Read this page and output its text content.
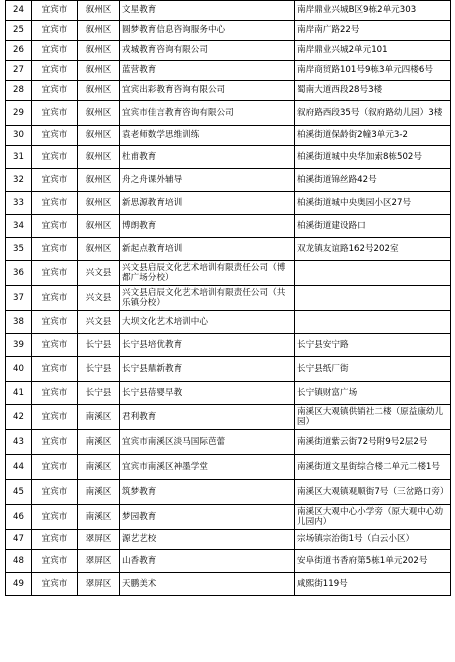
24	宜宾市	叙州区	文星教育	南岸鼎业兴城B区9栋2单元303
25	宜宾市	叙州区	圆梦教育信息咨询服务中心	南岸南广路22号
26	宜宾市	叙州区	戎城教育咨询有限公司	南岸鼎业兴城2单元101
27	宜宾市	叙州区	蓝营教育	南岸商贸路101号9栋3单元四楼6号
28	宜宾市	叙州区	宜宾出彩教育咨询有限公司	蜀南大道西段28号3楼
29	宜宾市	叙州区	宜宾市佳言教育咨询有限公司	叙府路西段35号（叙府路幼儿园）3楼
30	宜宾市	叙州区	袁老师数学思维训练	柏溪街道保龄街2幢3单元3-2
31	宜宾市	叙州区	杜甫教育	柏溪街道城中央华加索8栋502号
32	宜宾市	叙州区	舟之舟课外辅导	柏溪街道锦丝路42号
33	宜宾市	叙州区	新思源教育培训	柏溪街道城中央奥园小区27号
34	宜宾市	叙州区	博朗教育	柏溪街道建设路口
35	宜宾市	叙州区	新起点教育培训	双龙镇友谊路162号202室
36	宜宾市	兴文县	兴文县启辰文化艺术培训有限责任公司（博都广场分校）	
37	宜宾市	兴文县	兴文县启辰文化艺术培训有限责任公司（共乐镇分校）	
38	宜宾市	兴文县	大坝文化艺术培训中心	
39	宜宾市	长宁县	长宁县培优教育	长宁县安宁路
40	宜宾市	长宁县	长宁县鼎新教育	长宁县纸厂街
41	宜宾市	长宁县	长宁县蓓婴早教	长宁镇财富广场
42	宜宾市	南溪区	君利教育	南溪区大观镇供销社二楼（原益康幼儿园）
43	宜宾市	南溪区	宜宾市南溪区淡马国际芭蕾	南溪街道紫云街72号附9号2层2号
44	宜宾市	南溪区	宜宾市南溪区神墨学堂	南溪街道文星街综合楼二单元二楼1号
45	宜宾市	南溪区	筑梦教育	南溪区大观镇观顺街7号（三岔路口旁）
46	宜宾市	南溪区	梦园教育	南溪区大观中心小学旁（原大观中心幼儿园内）
47	宜宾市	翠屏区	源艺艺校	宗场镇宗治街1号（白云小区）
48	宜宾市	翠屏区	山香教育	安阜街道书香府第5栋1单元202号
49	宜宾市	翠屏区	天鹏美术	咸熙街119号
